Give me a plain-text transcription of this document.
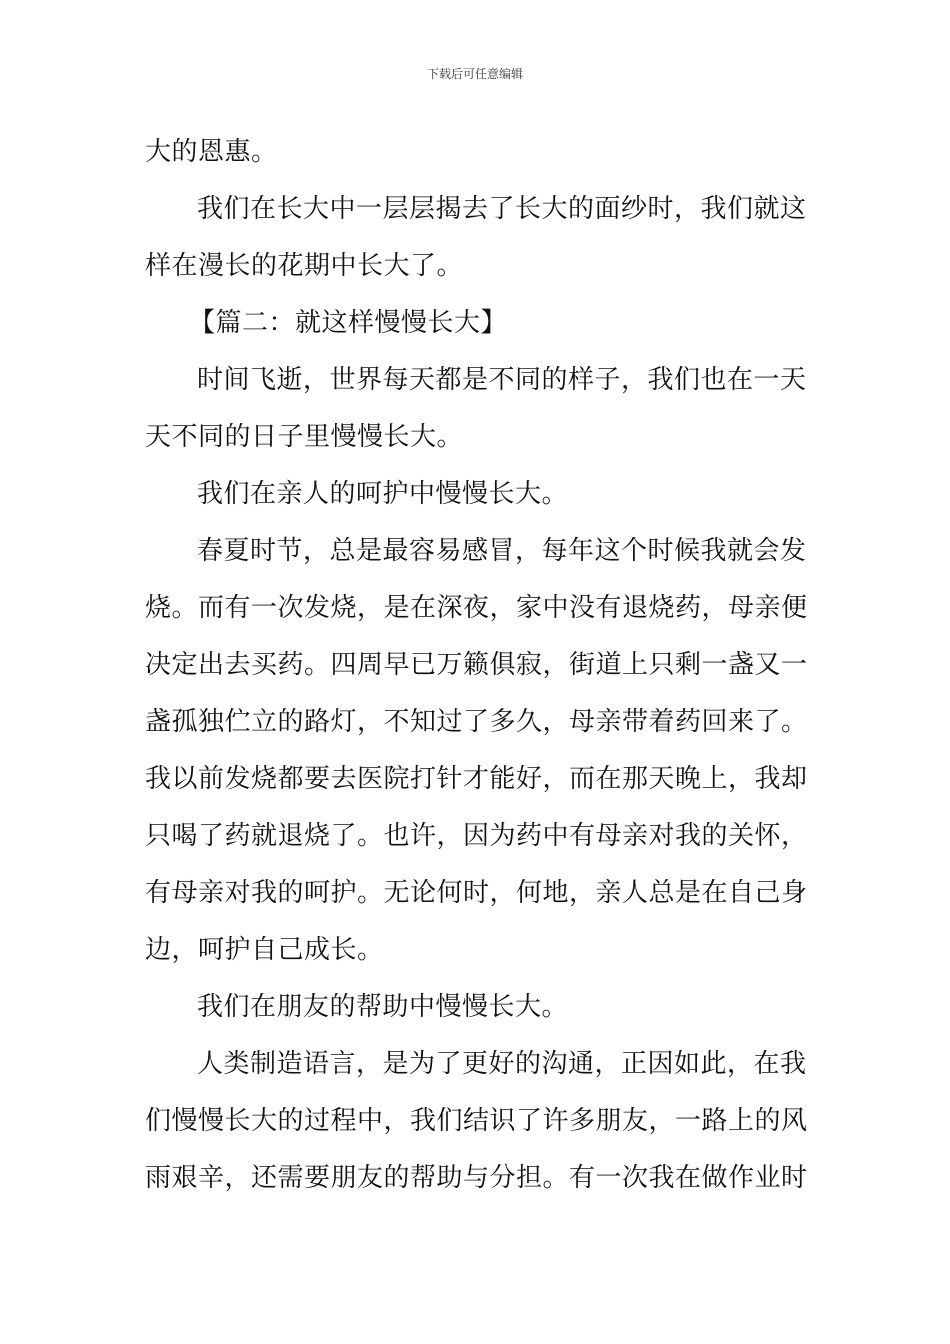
下载后可任意编辑
大的恩惠。
我们在长大中一层层揭去了长大的面纱时，我们就这
样在漫长的花期中长大了。
【篇二：就这样慢慢长大】
时间飞逝，世界每天都是不同的样子，我们也在一天
天不同的日子里慢慢长大。
我们在亲人的呵护中慢慢长大。
春夏时节，总是最容易感冒，每年这个时候我就会发
烧。而有一次发烧，是在深夜，家中没有退烧药，母亲便
决定出去买药。四周早已万籁俱寂，街道上只剩一盏又一
盏孤独伫立的路灯，不知过了多久，母亲带着药回来了。
我以前发烧都要去医院打针才能好，而在那天晚上，我却
只喝了药就退烧了。也许，因为药中有母亲对我的关怀，
有母亲对我的呵护。无论何时，何地，亲人总是在自己身
边，呵护自己成长。
我们在朋友的帮助中慢慢长大。
人类制造语言，是为了更好的沟通，正因如此，在我
们慢慢长大的过程中，我们结识了许多朋友，一路上的风
雨艰辛，还需要朋友的帮助与分担。有一次我在做作业时
